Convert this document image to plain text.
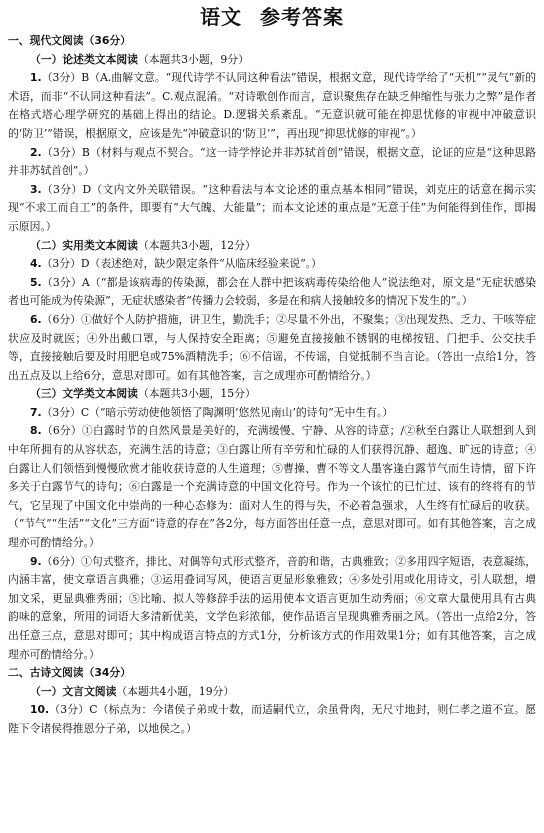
语文 参考答案
一、现代文阅读（36分）
（一）论述类文本阅读（本题共3小题，9分）

1.（3分）B（A.曲解文意。“现代诗学不认同这种看法”错误，根据文意，现代诗学给了“天机”“灵气”新的术语，而非“不认同这种看法”。C.观点混淆。“对诗歌创作而言，意识聚焦存在缺乏伸缩性与张力之弊”是作者在格式塔心理学研究的基础上得出的结论。D.逻辑关系紊乱。“无意识就可能在抑思忧修的审视中冲破意识的‘防卫’”错误，根据原文，应该是先“冲破意识的‘防卫’”，再出现“抑思忧修的审视”。）

2.（3分）B（材料与观点不契合。“这一诗学悖论并非苏轼首创”错误，根据文意，论证的应是“这种思路并非苏轼首创”。）

3.（3分）D（文内文外关联错误。“这种看法与本文论述的重点基本相同”错误，刘克庄的话意在揭示实现“不求工而自工”的条件，即要有“大气魄、大能量”；而本文论述的重点是“无意于佳”为何能得到佳作，即揭示原因。）

（二）实用类文本阅读（本题共3小题，12分）

4.（3分）D（表述绝对，缺少限定条件“从临床经验来说”。）

5.（3分）A（“都是该病毒的传染源，都会在人群中把该病毒传染给他人”说法绝对，原文是“无症状感染者也可能成为传染源”，无症状感染者“传播力会较弱，多是在和病人接触较多的情况下发生的”。）

6.（6分）①做好个人防护措施，讲卫生，勤洗手；②尽量不外出，不聚集；③出现发热、乏力、干咳等症状应及时就医；④外出戴口罩，与人保持安全距离；⑤避免直接接触不锈钢的电梯按钮、门把手、公交扶手等，直接接触后要及时用肥皂或75%酒精洗手；⑥不信谣，不传谣，自觉抵制不当言论。（答出一点给1分，答出五点及以上给6分，意思对即可。如有其他答案，言之成理亦可酌情给分。）

（三）文学类文本阅读（本题共3小题，15分）

7.（3分）C（“暗示劳动使他领悟了陶渊明‘悠然见南山’的诗句”无中生有。）

8.（6分）①白露时节的自然风景是美好的，充满缓慢、宁静、从容的诗意；/②秋至白露让人联想到人到中年所拥有的从容状态，充满生活的诗意；③白露让所有辛劳和忙碌的人们获得沉静、超逸、旷远的诗意；④白露让人们领悟到慢慢欣赏才能收获诗意的人生道理；⑤曹操、曹不等文人墨客逢白露节气而生诗情，留下许多关于白露节气的诗句；⑥白露是一个充满诗意的中国文化符号。作为一个该忙的已忙过、该有的终将有的节气，它呈现了中国文化中崇尚的一种心态修为：面对人生的得与失，不必着急强求，人生终有忙碌后的收获。（“节气”“生活”“文化”三方面“诗意的存在”各2分，每方面答出任意一点，意思对即可。如有其他答案，言之成理亦可酌情给分。）

9.（6分）①句式整齐，排比、对偶等句式形式整齐，音韵和谐，古典雅致；②多用四字短语，表意凝练，内涵丰富，使文章语言典雅；③运用叠词写风，使语言更显形象雅致；④多处引用或化用诗文，引人联想，增加文采，更显典雅秀丽；⑤比喻、拟人等修辞手法的运用使本文语言更加生动秀丽；⑥文章大量使用具有古典韵味的意象，所用的词语大多清新优美，文学色彩浓郁，使作品语言呈现典雅秀丽之风。（答出一点给2分，答出任意三点，意思对即可；其中构成语言特点的方式1分，分析该方式的作用效果1分；如有其他答案，言之成理亦可酌情给分。）

二、古诗文阅读（34分）
（一）文言文阅读（本题共4小题，19分）

10.（3分）C（标点为：今诸侯子弟或十数，而适嗣代立，余虽骨肉，无尺寸地封，则仁孝之道不宣。愿陛下令诸侯得推恩分子弟，以地侯之。）
